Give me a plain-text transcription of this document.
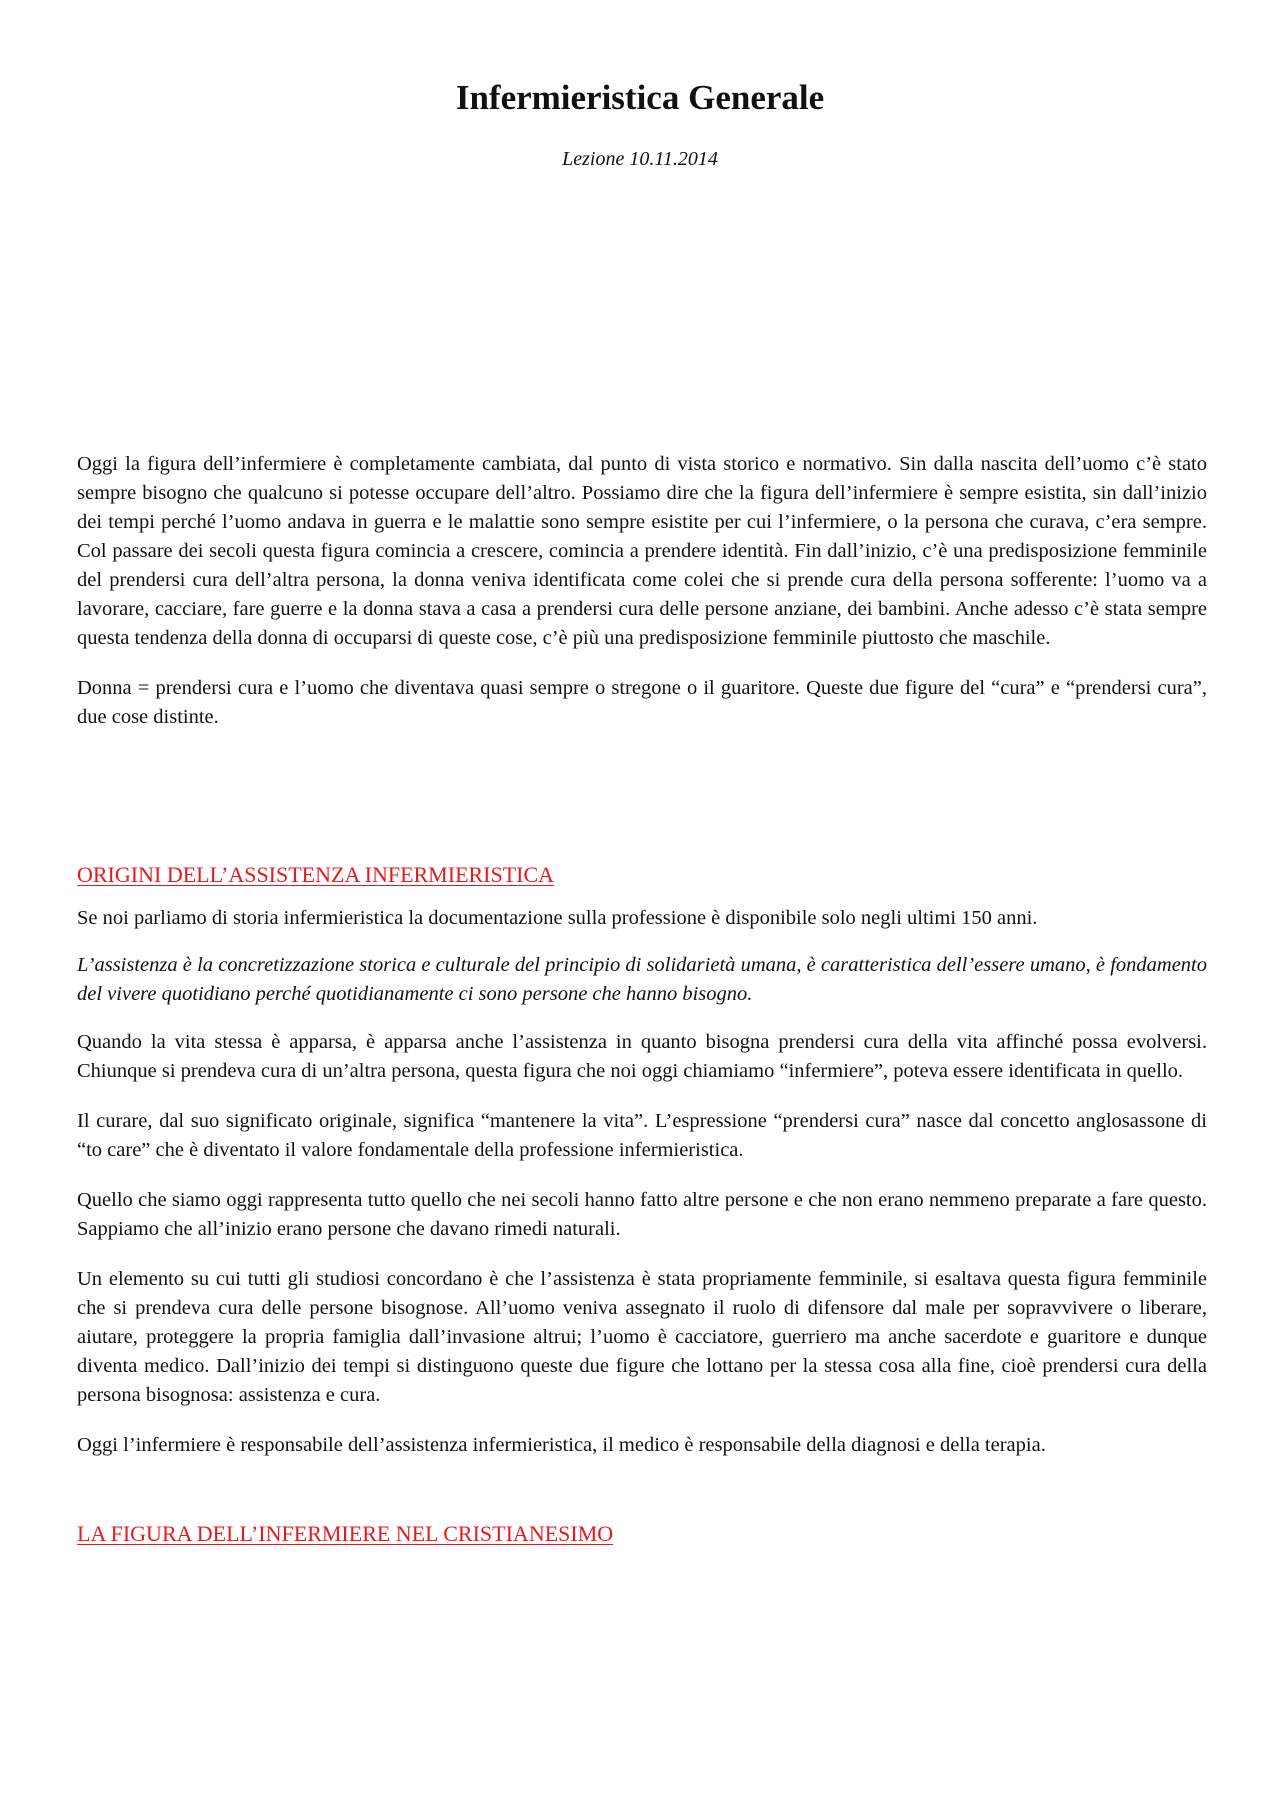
Infermieristica Generale
Lezione 10.11.2014

Oggi la figura dell’infermiere è completamente cambiata, dal punto di vista storico e normativo. Sin dalla nascita dell’uomo c’è stato sempre bisogno che qualcuno si potesse occupare dell’altro. Possiamo dire che la figura dell’infermiere è sempre esistita, sin dall’inizio dei tempi perché l’uomo andava in guerra e le malattie sono sempre esistite per cui l’infermiere, o la persona che curava, c’era sempre. Col passare dei secoli questa figura comincia a crescere, comincia a prendere identità. Fin dall’inizio, c’è una predisposizione femminile del prendersi cura dell’altra persona, la donna veniva identificata come colei che si prende cura della persona sofferente: l’uomo va a lavorare, cacciare, fare guerre e la donna stava a casa a prendersi cura delle persone anziane, dei bambini. Anche adesso c’è stata sempre questa tendenza della donna di occuparsi di queste cose, c’è più una predisposizione femminile piuttosto che maschile.

Donna = prendersi cura e l’uomo che diventava quasi sempre o stregone o il guaritore. Queste due figure del “cura” e “prendersi cura”, due cose distinte.

ORIGINI DELL’ASSISTENZA INFERMIERISTICA

Se noi parliamo di storia infermieristica la documentazione sulla professione è disponibile solo negli ultimi 150 anni.

L’assistenza è la concretizzazione storica e culturale del principio di solidarietà umana, è caratteristica dell’essere umano, è fondamento del vivere quotidiano perché quotidianamente ci sono persone che hanno bisogno.

Quando la vita stessa è apparsa, è apparsa anche l’assistenza in quanto bisogna prendersi cura della vita affinché possa evolversi. Chiunque si prendeva cura di un’altra persona, questa figura che noi oggi chiamiamo “infermiere”, poteva essere identificata in quello.

Il curare, dal suo significato originale, significa “mantenere la vita”. L’espressione “prendersi cura” nasce dal concetto anglosassone di “to care” che è diventato il valore fondamentale della professione infermieristica.

Quello che siamo oggi rappresenta tutto quello che nei secoli hanno fatto altre persone e che non erano nemmeno preparate a fare questo. Sappiamo che all’inizio erano persone che davano rimedi naturali.

Un elemento su cui tutti gli studiosi concordano è che l’assistenza è stata propriamente femminile, si esaltava questa figura femminile che si prendeva cura delle persone bisognose. All’uomo veniva assegnato il ruolo di difensore dal male per sopravvivere o liberare, aiutare, proteggere la propria famiglia dall’invasione altrui; l’uomo è cacciatore, guerriero ma anche sacerdote e guaritore e dunque diventa medico. Dall’inizio dei tempi si distinguono queste due figure che lottano per la stessa cosa alla fine, cioè prendersi cura della persona bisognosa: assistenza e cura.

Oggi l’infermiere è responsabile dell’assistenza infermieristica, il medico è responsabile della diagnosi e della terapia.

LA FIGURA DELL’INFERMIERE NEL CRISTIANESIMO
